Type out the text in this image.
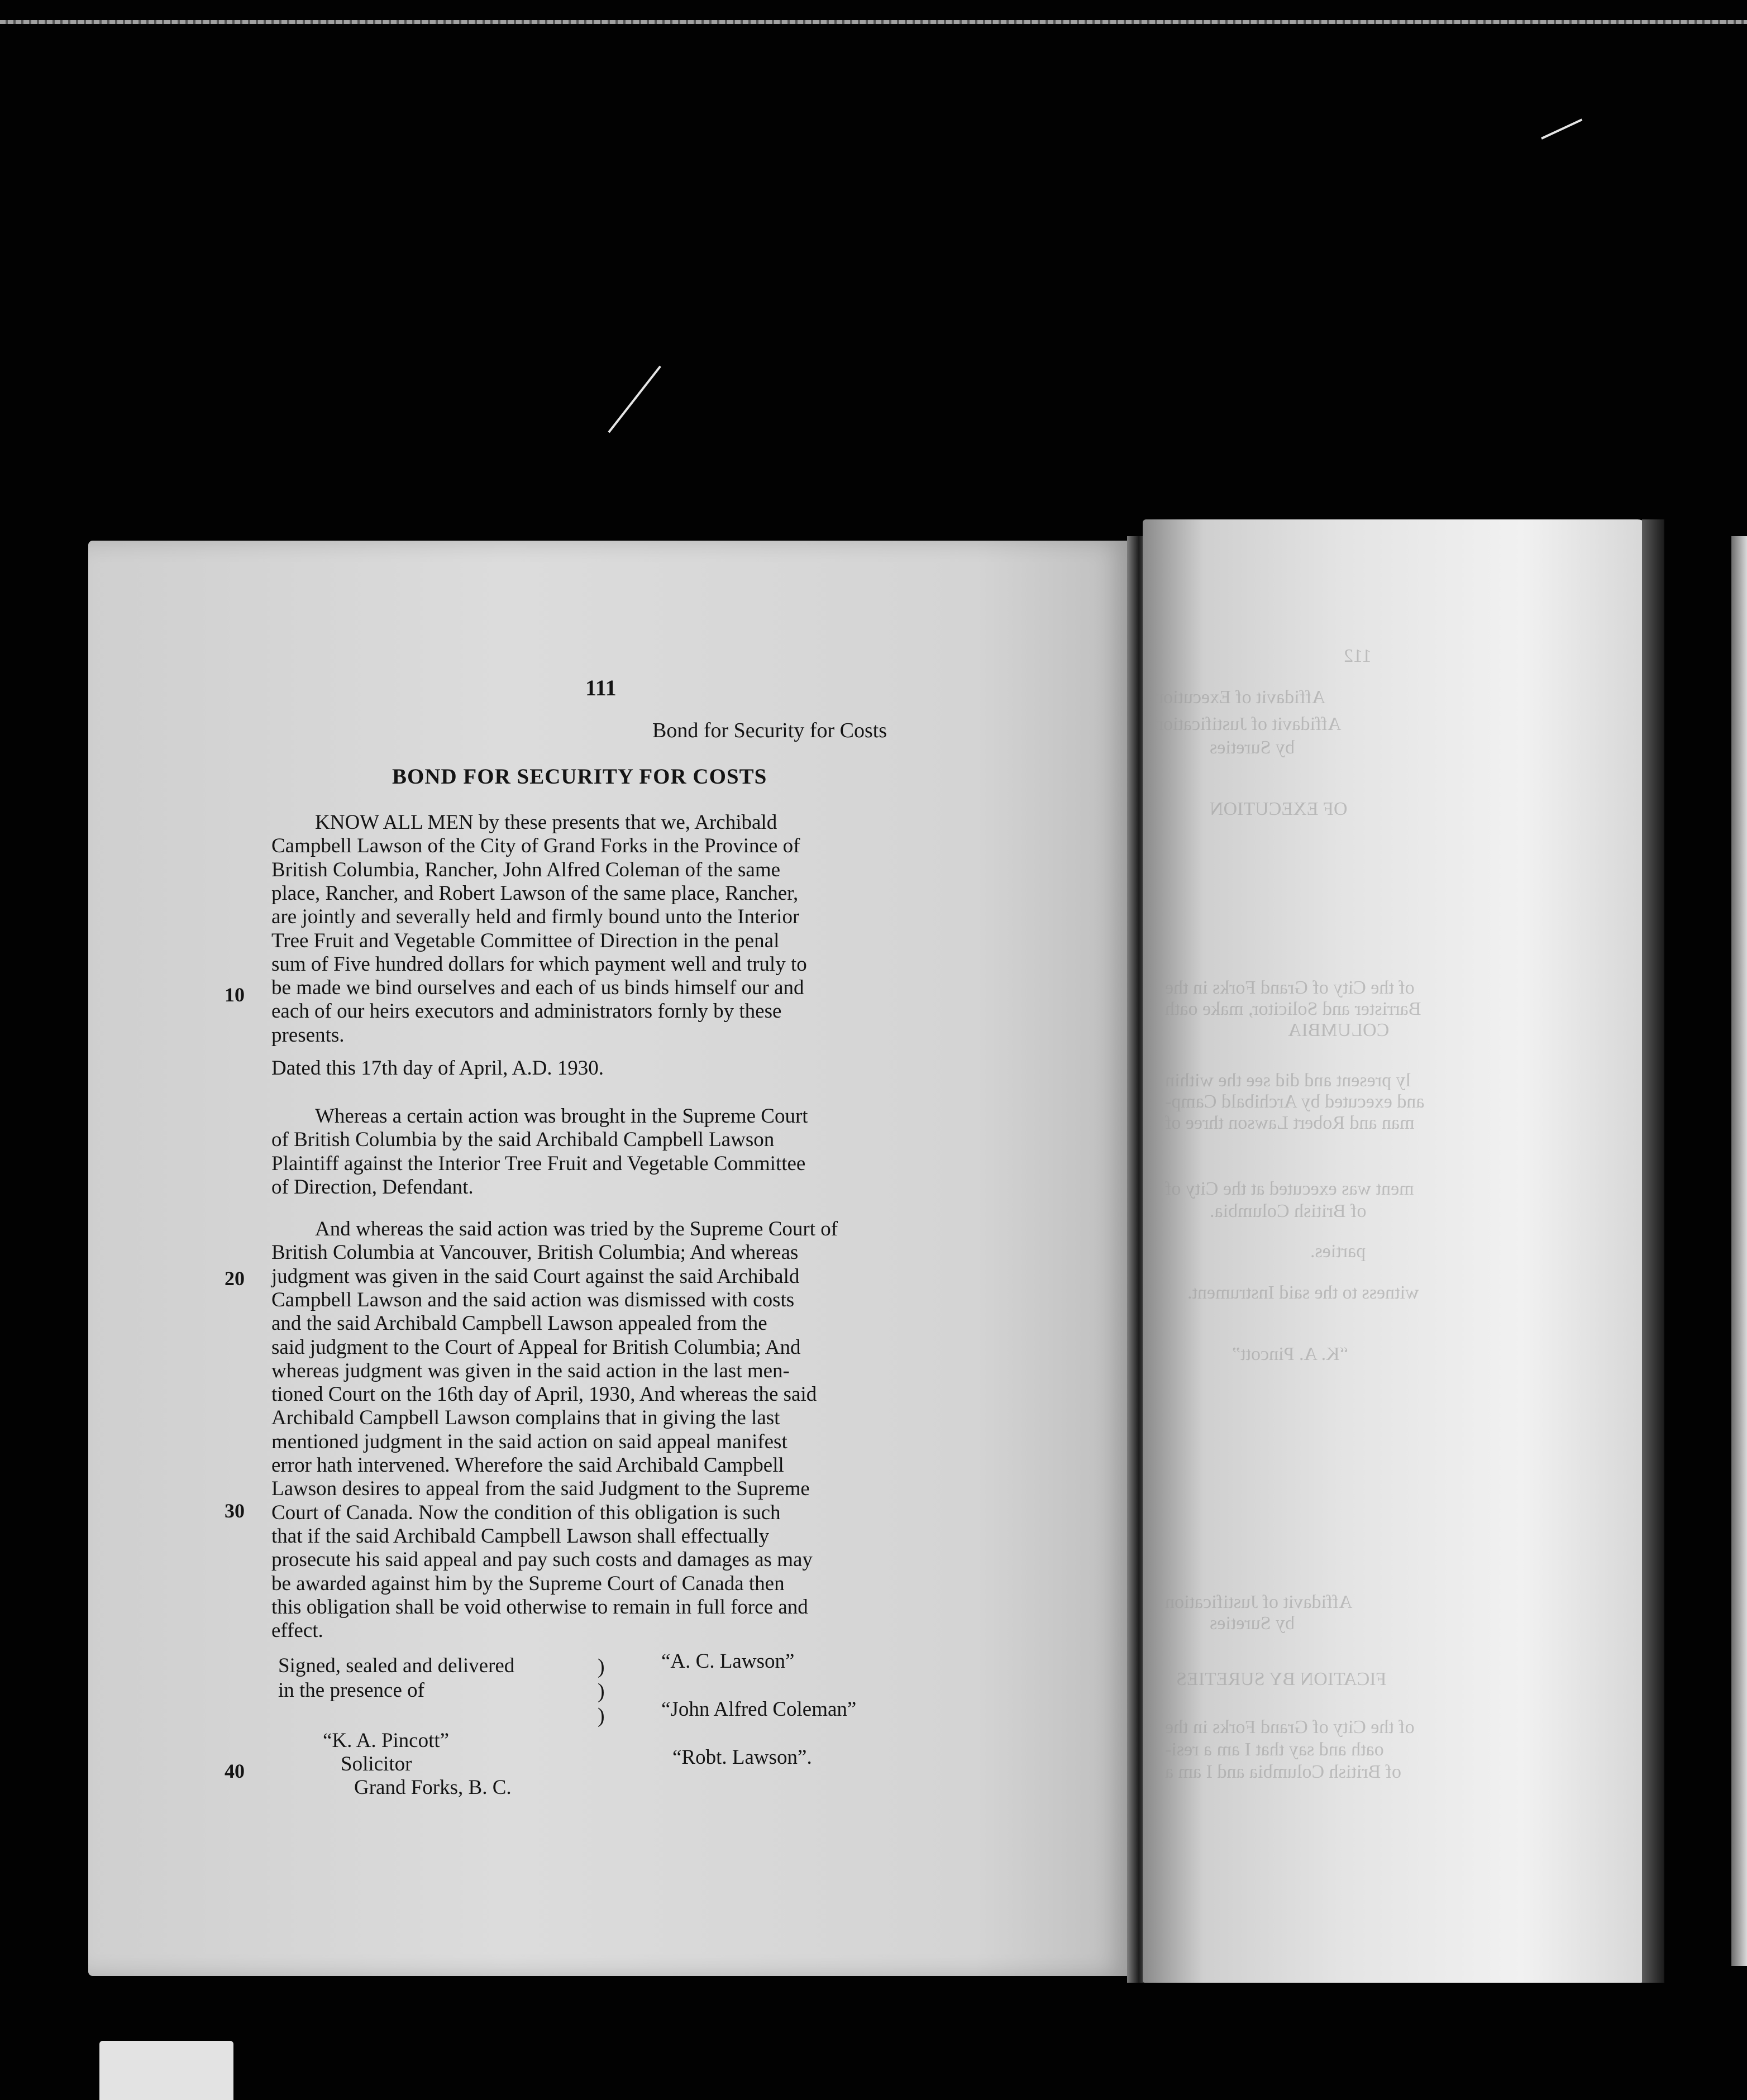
111
Bond for Security for Costs
BOND FOR SECURITY FOR COSTS
KNOW ALL MEN by these presents that we, Archibald
Campbell Lawson of the City of Grand Forks in the Province of
British Columbia, Rancher, John Alfred Coleman of the same
place, Rancher, and Robert Lawson of the same place, Rancher,
are jointly and severally held and firmly bound unto the Interior
Tree Fruit and Vegetable Committee of Direction in the penal
sum of Five hundred dollars for which payment well and truly to
be made we bind ourselves and each of us binds himself our and
each of our heirs executors and administrators fornly by these
presents.
Dated this 17th day of April, A.D. 1930.
Whereas a certain action was brought in the Supreme Court
of British Columbia by the said Archibald Campbell Lawson
Plaintiff against the Interior Tree Fruit and Vegetable Committee
of Direction, Defendant.
And whereas the said action was tried by the Supreme Court of
British Columbia at Vancouver, British Columbia; And whereas
judgment was given in the said Court against the said Archibald
Campbell Lawson and the said action was dismissed with costs
and the said Archibald Campbell Lawson appealed from the
said judgment to the Court of Appeal for British Columbia; And
whereas judgment was given in the said action in the last men-
tioned Court on the 16th day of April, 1930, And whereas the said
Archibald Campbell Lawson complains that in giving the last
mentioned judgment in the said action on said appeal manifest
error hath intervened. Wherefore the said Archibald Campbell
Lawson desires to appeal from the said Judgment to the Supreme
Court of Canada. Now the condition of this obligation is such
that if the said Archibald Campbell Lawson shall effectually
prosecute his said appeal and pay such costs and damages as may
be awarded against him by the Supreme Court of Canada then
this obligation shall be void otherwise to remain in full force and
effect.
10
20
30
40
Signed, sealed and delivered
in the presence of
)
)
)
“K. A. Pincott”
Solicitor
Grand Forks, B. C.
“A. C. Lawson”
“John Alfred Coleman”
“Robt. Lawson”.
112
Affidavit of Execution
Affidavit of Justification
by Sureties
OF EXECUTION
of the City of Grand Forks in the
Barrister and Solicitor, make oath
COLUMBIA
ly present and did see the within
and executed by Archibald Camp-
man and Robert Lawson three of
ment was executed at the City of
of British Columbia.
parties.
witness to the said Instrument.
“K. A. Pincott”
Affidavit of Justification
by Sureties
FICATION BY SURETIES
of the City of Grand Forks in the
oath and say that I am a resi-
of British Columbia and I am a
